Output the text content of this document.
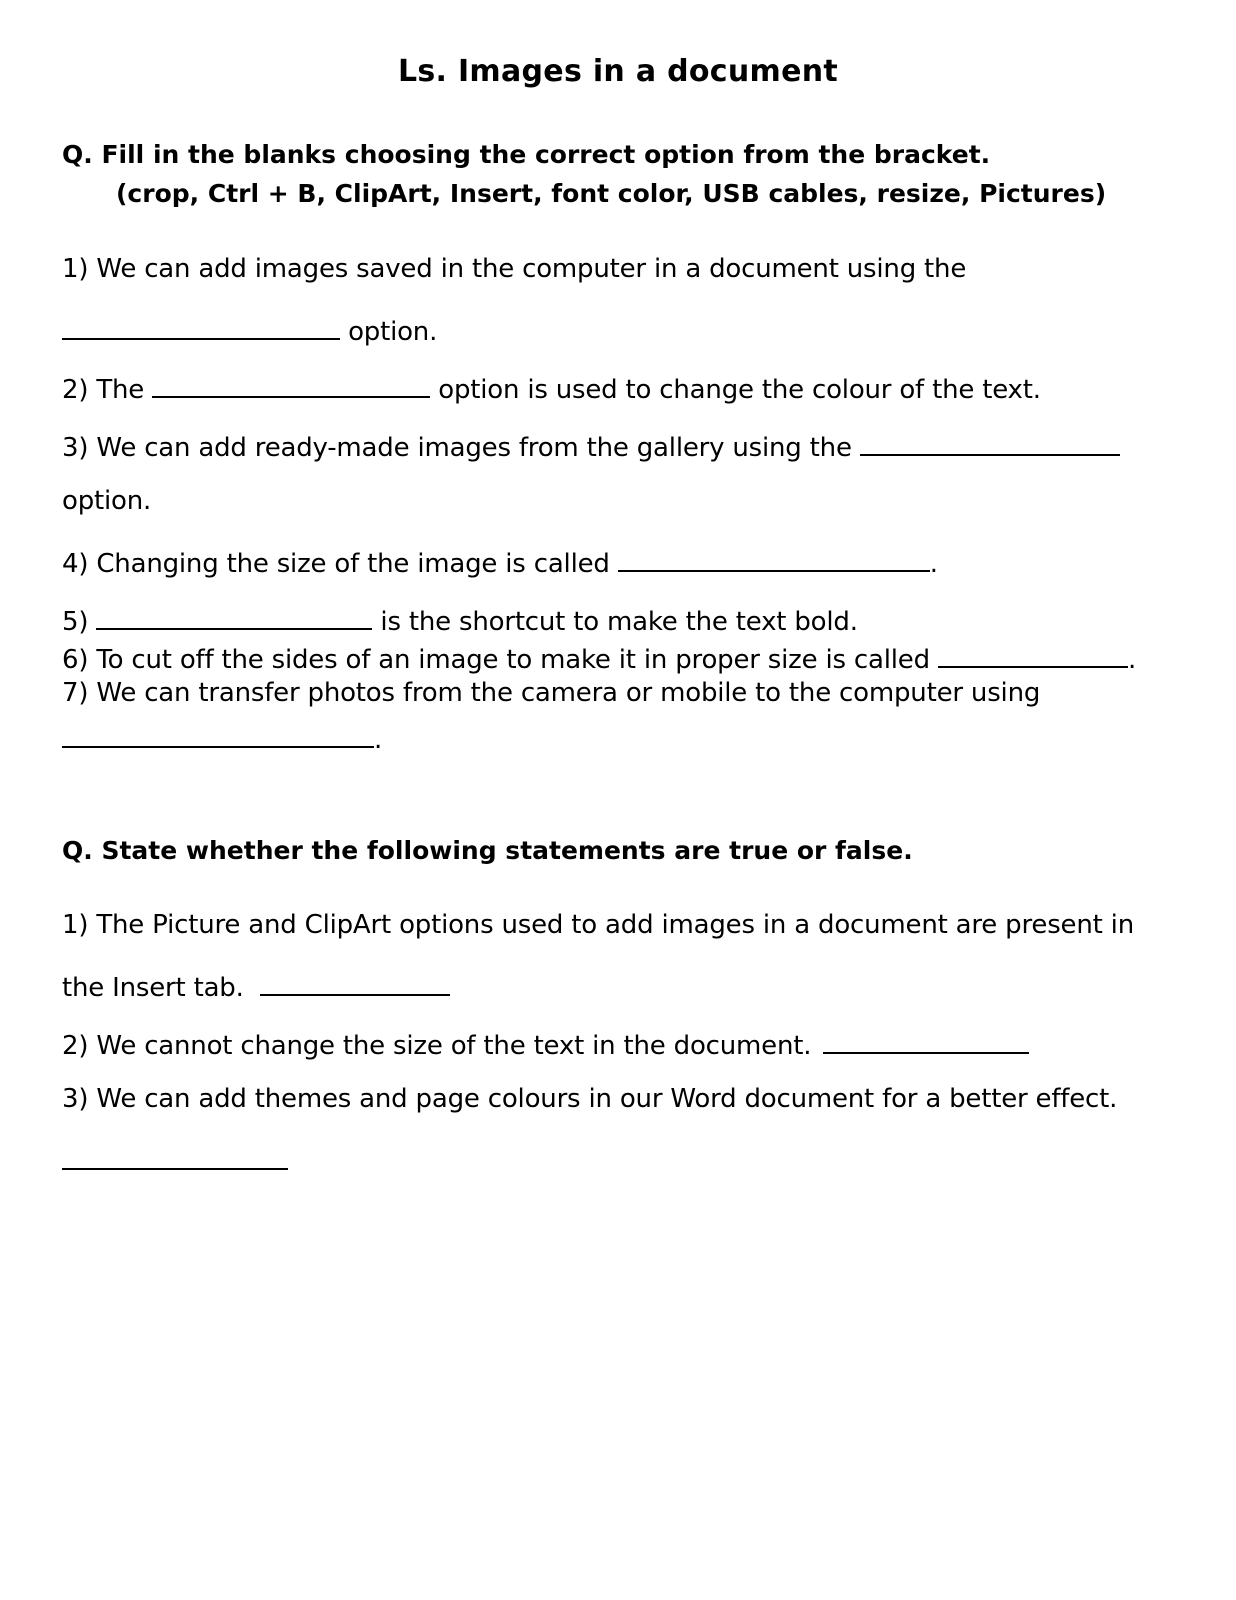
Ls. Images in a document
Q. Fill in the blanks choosing the correct option from the bracket.
(crop, Ctrl + B, ClipArt, Insert, font color, USB cables, resize, Pictures)
1) We can add images saved in the computer in a document using the
option.
2) The	option is used to change the colour of the text.
3) We can add ready-made images from the gallery using the
option.
4) Changing the size of the image is called	.
5)	is the shortcut to make the text bold.
6) To cut off the sides of an image to make it in proper size is called	.
7) We can transfer photos from the camera or mobile to the computer using
.
Q. State whether the following statements are true or false.
1) The Picture and ClipArt options used to add images in a document are present in
the Insert tab.
2) We cannot change the size of the text in the document.
3) We can add themes and page colours in our Word document for a better effect.
